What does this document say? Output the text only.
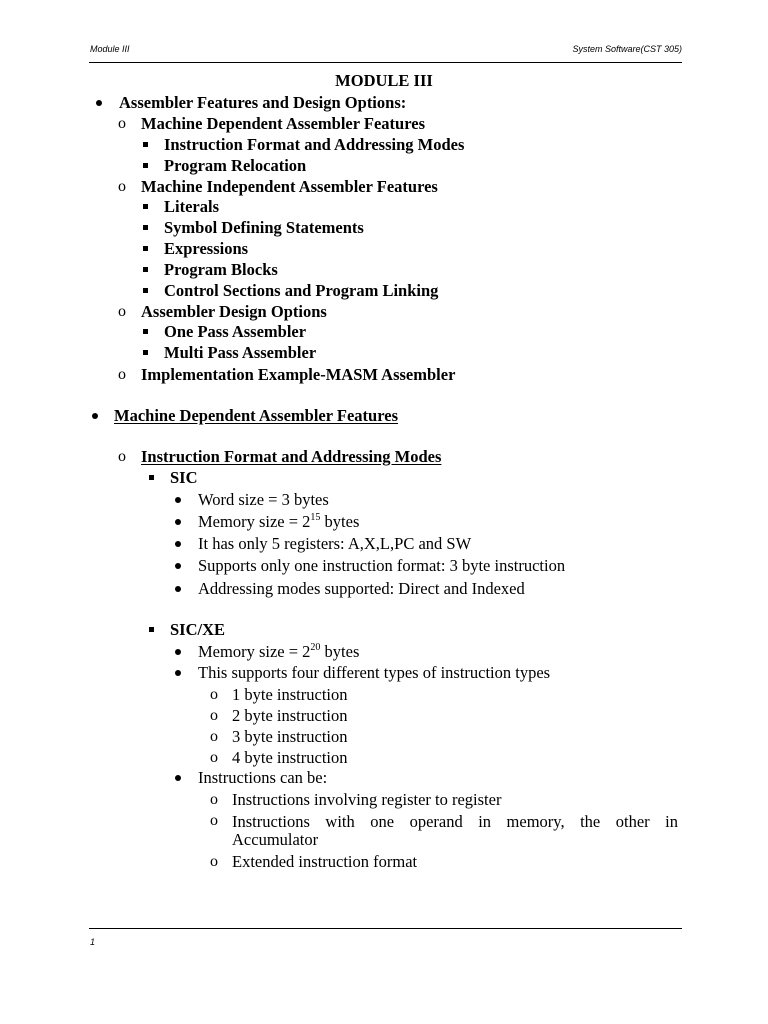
Module III	System Software(CST 305)
1
MODULE III
Assembler Features and Design Options:
o Machine Dependent Assembler Features
Instruction Format and Addressing Modes
Program Relocation
o Machine Independent Assembler Features
Literals
Symbol Defining Statements
Expressions
Program Blocks
Control Sections and Program Linking
o Assembler Design Options
One Pass Assembler
Multi Pass Assembler
o Implementation Example-MASM Assembler
Machine Dependent Assembler Features
o Instruction Format and Addressing Modes
SIC
Word size = 3 bytes
Memory size = $2^{15}$ bytes
It has only 5 registers: A,X,L,PC and SW
Supports only one instruction format: 3 byte instruction
Addressing modes supported: Direct and Indexed
SIC/XE
Memory size = $2^{20}$ bytes
This supports four different types of instruction types
o 1 byte instruction
o 2 byte instruction
o 3 byte instruction
o 4 byte instruction
Instructions can be:
o Instructions involving register to register
o Instructions with one operand in memory, the other in
Accumulator
o Extended instruction format
